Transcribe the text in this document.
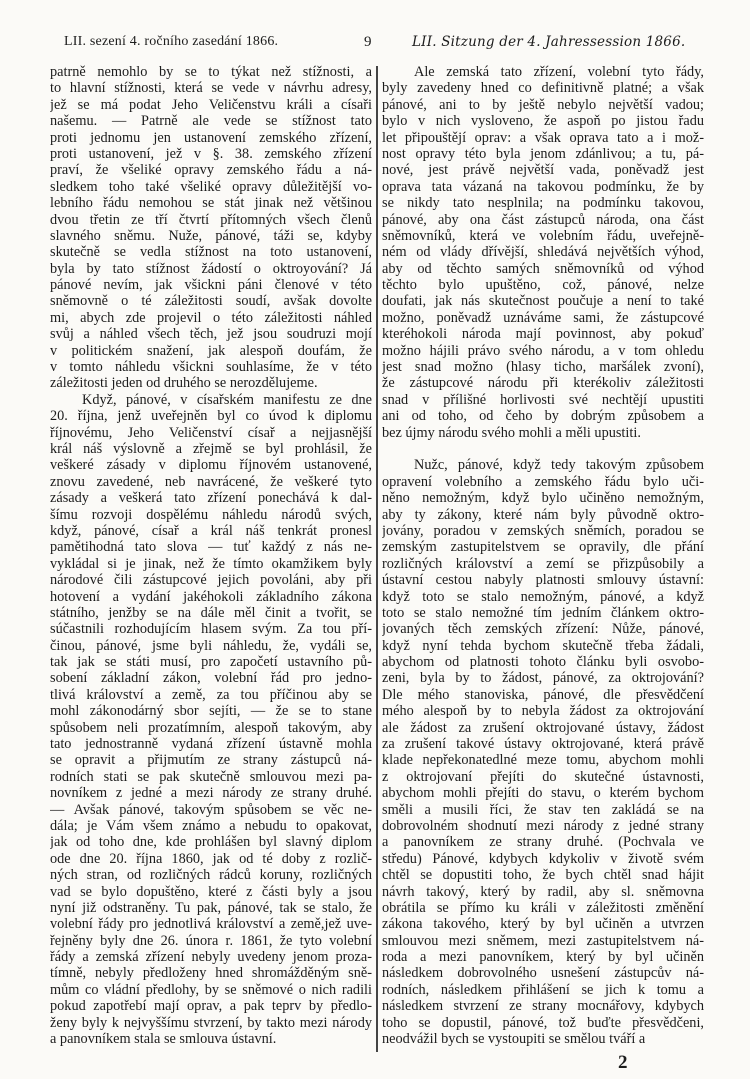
LII. sezení 4. ročního zasedání 1866.	9	LII. Sitzung der 4. Jahressession 1866.
patrně nemohlo by se to týkat než stížnosti, a
to hlavní stížnosti, která se vede v návrhu adresy,
jež se má podat Jeho Veličenstvu králi a císaři
našemu. — Patrně ale vede se stížnost tato
proti jednomu jen ustanovení zemského zřízení,
proti ustanovení, jež v §. 38. zemského zřízení
praví, že všeliké opravy zemského řádu a ná-
sledkem toho také všeliké opravy důležitější vo-
lebního řádu nemohou se stát jinak než většinou
dvou třetin ze tří čtvrtí přítomných všech členů
slavného sněmu. Nuže, pánové, táži se, kdyby
skutečně se vedla stížnost na toto ustanovení,
byla by tato stížnost žádostí o oktroyování? Já
pánové nevím, jak všickni páni členové v této
sněmovně o té záležitosti soudí, avšak dovolte
mi, abych zde projevil o této záležitosti náhled
svůj a náhled všech těch, jež jsou soudruzi mojí
v politickém snažení, jak alespoň doufám, že
v tomto náhledu všickni souhlasíme, že v této
záležitosti jeden od druhého se nerozdělujeme.
Když, pánové, v císařském manifestu ze dne
20. října, jenž uveřejněn byl co úvod k diplomu
říjnovému, Jeho Veličenství císař a nejjasnější
král náš výslovně a zřejmě se byl prohlásil, že
veškeré zásady v diplomu říjnovém ustanovené,
znovu zavedené, neb navrácené, že veškeré tyto
zásady a veškerá tato zřízení ponechává k dal-
šímu rozvoji dospělému náhledu národů svých,
když, pánové, císař a král náš tenkrát pronesl
pamětihodná tato slova — tuť každý z nás ne-
vykládal si je jinak, než že tímto okamžikem byly
národové čili zástupcové jejich povoláni, aby při
hotovení a vydání jakéhokoli základního zákona
státního, jenžby se na dále měl činit a tvořit, se
súčastnili rozhodujícím hlasem svým. Za tou pří-
činou, pánové, jsme byli náhledu, že, vydáli se,
tak jak se státi musí, pro započetí ustavního pů-
sobení základní zákon, volební řád pro jedno-
tlivá království a země, za tou příčinou aby se
mohl zákonodárný sbor sejíti, — že se to stane
spůsobem neli prozatímním, alespoň takovým, aby
tato jednostranně vydaná zřízení ústavně mohla
se opravit a přijmutím ze strany zástupců ná-
rodních stati se pak skutečně smlouvou mezi pa-
novníkem z jedné a mezi národy ze strany druhé.
— Avšak pánové, takovým spůsobem se věc ne-
dála; je Vám všem známo a nebudu to opakovat,
jak od toho dne, kde prohlášen byl slavný diplom
ode dne 20. října 1860, jak od té doby z rozlič-
ných stran, od rozličných rádců koruny, rozličných
vad se bylo dopuštěno, které z části byly a jsou
nyní již odstraněny. Tu pak, pánové, tak se stalo, že
volební řády pro jednotlivá království a země,jež uve-
řejněny byly dne 26. února r. 1861, že tyto volební
řády a zemská zřízení nebyly uvedeny jenom proza-
tímně, nebyly předloženy hned shromážděným sně-
mům co vládní předlohy, by se sněmové o nich radili
pokud zapotřebí mají oprav, a pak teprv by předlo-
ženy byly k nejvyššímu stvrzení, by takto mezi národy
a panovníkem stala se smlouva ústavní.
Ale zemská tato zřízení, volební tyto řády,
byly zavedeny hned co definitivně platné; a však
pánové, ani to by ještě nebylo největší vadou;
bylo v nich vysloveno, že aspoň po jistou řadu
let připouštějí oprav: a však oprava tato a i mož-
nost opravy této byla jenom zdánlivou; a tu, pá-
nové, jest právě největší vada, poněvadž jest
oprava tata vázaná na takovou podmínku, že by
se nikdy tato nesplnila; na podmínku takovou,
pánové, aby ona část zástupců národa, ona část
sněmovníků, která ve volebním řádu, uveřejně-
ném od vlády dřívější, shledává největších výhod,
aby od těchto samých sněmovníků od výhod
těchto bylo upuštěno, což, pánové, nelze
doufati, jak nás skutečnost poučuje a není to také
možno, poněvadž uznáváme sami, že zástupcové
kteréhokoli národa mají povinnost, aby pokuď
možno hájili právo svého národu, a v tom ohledu
jest snad možno (hlasy ticho, maršálek zvoní),
že zástupcové národu při kterékoliv záležitosti
snad v přílišné horlivosti své nechtějí upustiti
ani od toho, od čeho by dobrým způsobem a
bez újmy národu svého mohli a měli upustiti.
Nužc, pánové, když tedy takovým způsobem
opravení volebního a zemského řádu bylo uči-
něno nemožným, když bylo učiněno nemožným,
aby ty zákony, které nám byly původně oktro-
jovány, poradou v zemských sněmích, poradou se
zemským zastupitelstvem se opravily, dle přání
rozličných království a zemí se přizpůsobily a
ústavní cestou nabyly platnosti smlouvy ústavní:
když toto se stalo nemožným, pánové, a když
toto se stalo nemožné tím jedním článkem oktro-
jovaných těch zemských zřízení: Nůže, pánové,
když nyní tehda bychom skutečně třeba žádali,
abychom od platnosti tohoto článku byli osvobo-
zeni, byla by to žádost, pánové, za oktrojování?
Dle mého stanoviska, pánové, dle přesvědčení
mého alespoň by to nebyla žádost za oktrojování
ale žádost za zrušení oktrojované ústavy, žádost
za zrušení takové ústavy oktrojované, která právě
klade nepřekonatedlné meze tomu, abychom mohli
z oktrojovaní přejíti do skutečné ústavnosti,
abychom mohli přejíti do stavu, o kterém bychom
směli a musili říci, že stav ten zakládá se na
dobrovolném shodnutí mezi národy z jedné strany
a panovníkem ze strany druhé. (Pochvala ve
středu) Pánové, kdybych kdykoliv v životě svém
chtěl se dopustiti toho, že bych chtěl snad hájit
návrh takový, který by radil, aby sl. sněmovna
obrátila se přímo ku králi v záležitosti změnění
zákona takového, který by byl učiněn a utvrzen
smlouvou mezi sněmem, mezi zastupitelstvem ná-
roda a mezi panovníkem, který by byl učiněn
následkem dobrovolného usnešení zástupcův ná-
rodních, následkem přihlášení se jich k tomu a
následkem stvrzení ze strany mocnářovy, kdybych
toho se dopustil, pánové, tož buďte přesvědčeni,
neodvážil bych se vystoupiti se smělou tváří a
2
